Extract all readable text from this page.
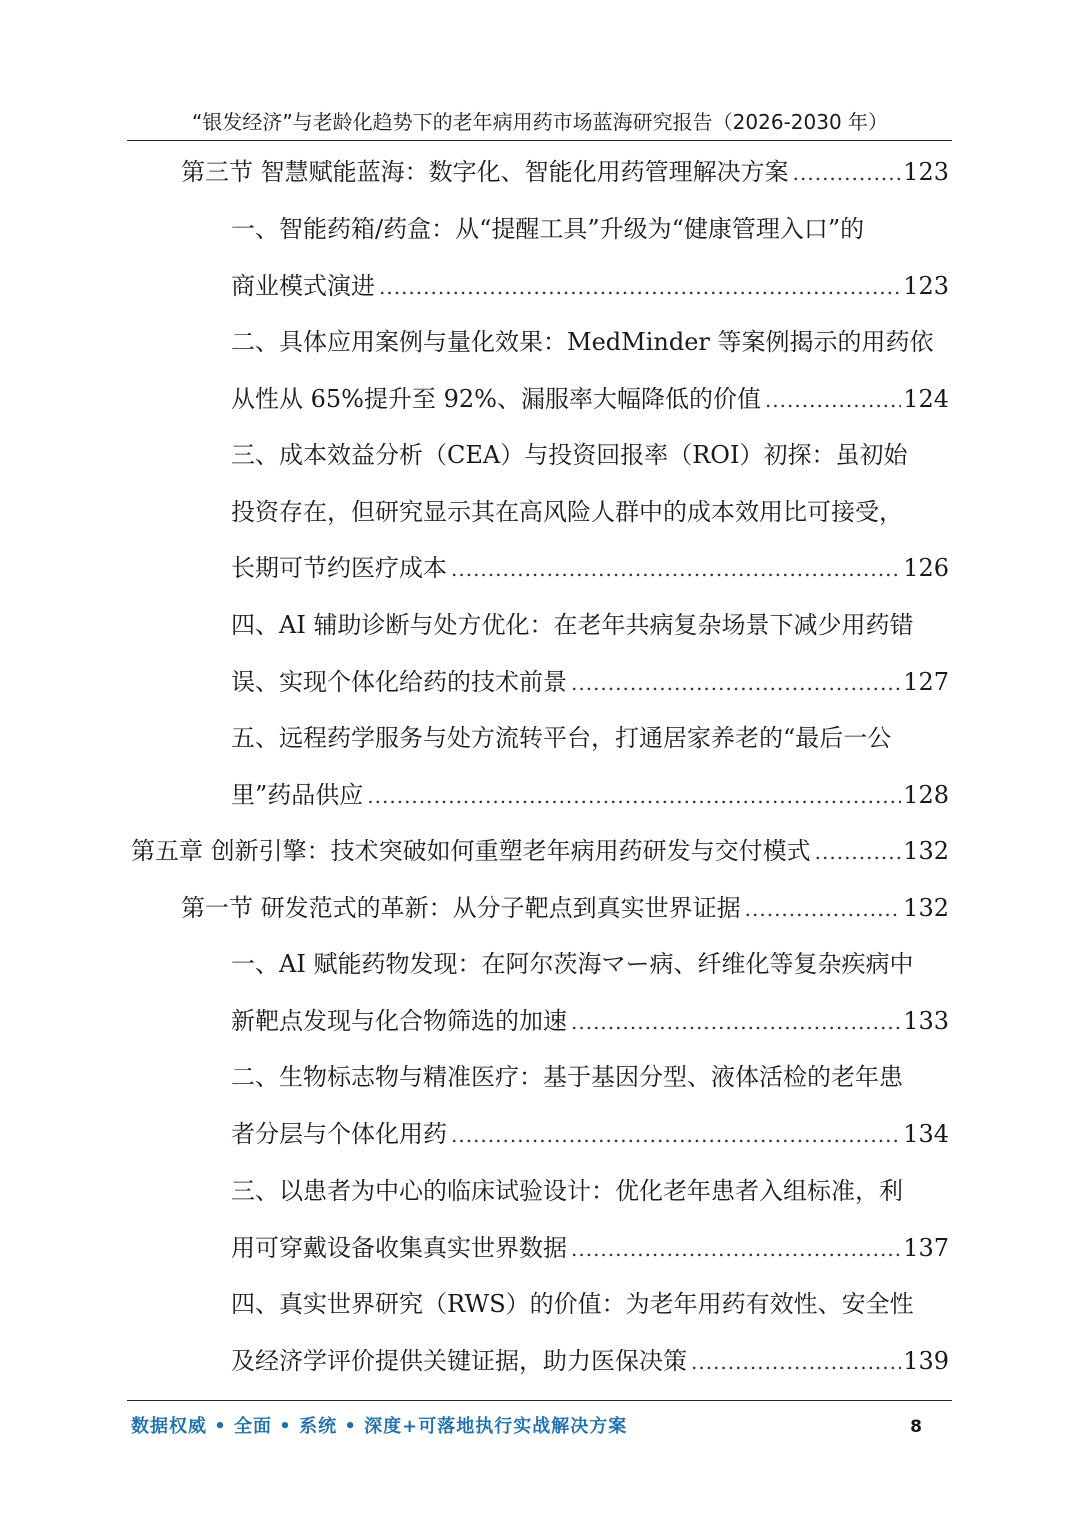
“银发经济”与老龄化趋势下的老年病用药市场蓝海研究报告（2026-2030 年）
第三节 智慧赋能蓝海：数字化、智能化用药管理解决方案 .....	123
一、智能药箱/药盒：从“提醒工具”升级为“健康管理入口”的
商业模式演进 .....	123
二、具体应用案例与量化效果：MedMinder 等案例揭示的用药依
从性从 65%提升至 92%、漏服率大幅降低的价值 .....	124
三、成本效益分析（CEA）与投资回报率（ROI）初探：虽初始
投资存在，但研究显示其在高风险人群中的成本效用比可接受，
长期可节约医疗成本 .....	126
四、AI 辅助诊断与处方优化：在老年共病复杂场景下减少用药错
误、实现个体化给药的技术前景 .....	127
五、远程药学服务与处方流转平台，打通居家养老的“最后一公
里”药品供应 .....	128
第五章 创新引擎：技术突破如何重塑老年病用药研发与交付模式 .....	132
第一节 研发范式的革新：从分子靶点到真实世界证据 .....	132
一、AI 赋能药物发现：在阿尔茨海マー病、纤维化等复杂疾病中
新靶点发现与化合物筛选的加速 .....	133
二、生物标志物与精准医疗：基于基因分型、液体活检的老年患
者分层与个体化用药 .....	134
三、以患者为中心的临床试验设计：优化老年患者入组标准，利
用可穿戴设备收集真实世界数据 .....	137
四、真实世界研究（RWS）的价值：为老年用药有效性、安全性
及经济学评价提供关键证据，助力医保决策 .....	139
数据权威 • 全面 • 系统 • 深度+可落地执行实战解决方案	8
